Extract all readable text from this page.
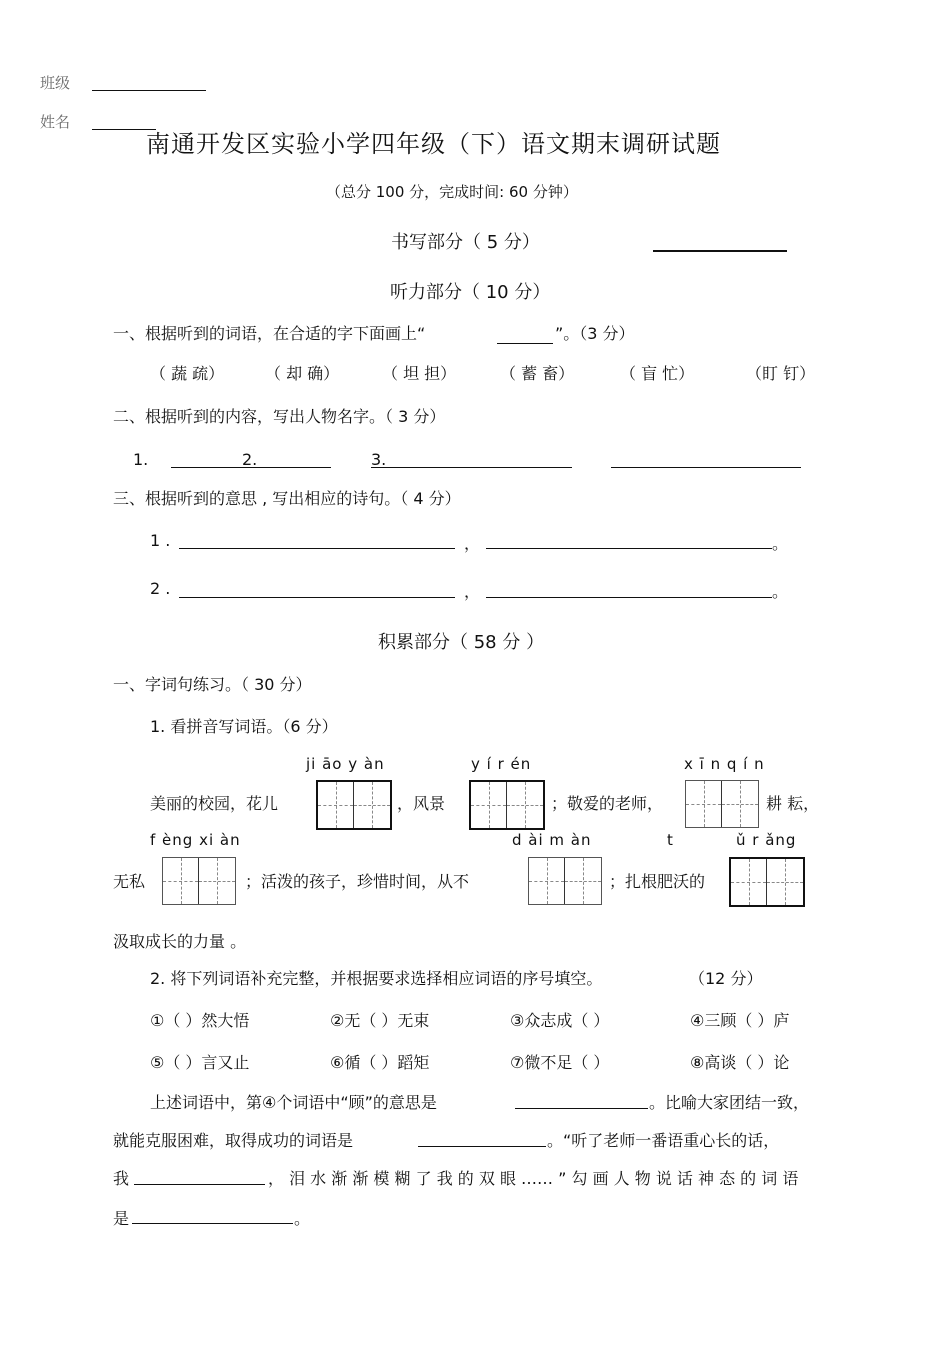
班级
姓名
南通开发区实验小学四年级（下）语文期末调研试题
（总分 100 分，完成时间: 60 分钟）
书写部分（ 5 分）
听力部分（ 10 分）
一、根据听到的词语，在合适的字下面画上“	”。（3 分）
（ 蔬 疏）	（ 却 确）	（ 坦 担）	（ 蓄 畜）	（ 盲 忙）	（盯 钉）
二、根据听到的内容，写出人物名字。（ 3 分）
1.	2.	3.
三、根据听到的意思 , 写出相应的诗句。（ 4 分）
1 .	，	。
2 .	，	。
积累部分（ 58 分 ）
一、字词句练习。（ 30 分）
1. 看拼音写词语。（6 分）
ji āo y àn	y í r én	x ī n q í n
美丽的校园，花儿	，风景	；敬爱的老师，	耕 耘，
f èng xi àn	d ài m àn	t	ǔ r ǎng
无私	；活泼的孩子，珍惜时间，从不	；扎根肥沃的
汲取成长的力量 。
2. 将下列词语补充完整，并根据要求选择相应词语的序号填空。	（12 分）
①（ ）然大悟	②无（ ）无束	③众志成（ ）	④三顾（ ）庐
⑤（ ）言又止	⑥循（ ）蹈矩	⑦微不足（ ）	⑧高谈（ ）论
上述词语中，第④个词语中“顾”的意思是	。比喻大家团结一致，
就能克服困难，取得成功的词语是	。“听了老师一番语重心长的话，
我	， 泪 水 渐 渐 模 糊 了 我 的 双 眼 …… ” 勾 画 人 物 说 话 神 态 的 词 语
是	。
